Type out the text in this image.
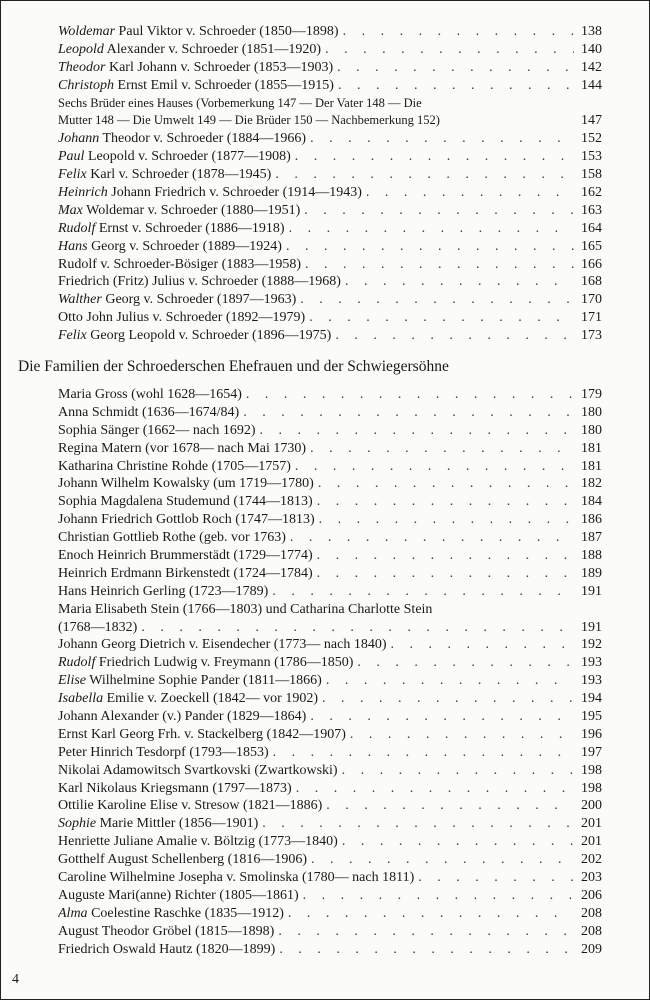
Woldemar Paul Viktor v. Schroeder (1850—1898) . . .	138
Leopold Alexander v. Schroeder (1851—1920) . . .	140
Theodor Karl Johann v. Schroeder (1853—1903) . . .	142
Christoph Ernst Emil v. Schroeder (1855—1915) . . .	144
Sechs Brüder eines Hauses (Vorbemerkung 147 — Der Vater 148 — Die
Mutter 148 — Die Umwelt 149 — Die Brüder 150 — Nachbemerkung 152)	147
Johann Theodor v. Schroeder (1884—1966) . . .	152
Paul Leopold v. Schroeder (1877—1908) . . .	153
Felix Karl v. Schroeder (1878—1945) . . .	158
Heinrich Johann Friedrich v. Schroeder (1914—1943) . . .	162
Max Woldemar v. Schroeder (1880—1951) . . .	163
Rudolf Ernst v. Schroeder (1886—1918) . . .	164
Hans Georg v. Schroeder (1889—1924) . . .	165
Rudolf v. Schroeder-Bösiger (1883—1958) . . .	166
Friedrich (Fritz) Julius v. Schroeder (1888—1968) . . .	168
Walther Georg v. Schroeder (1897—1963) . . .	170
Otto John Julius v. Schroeder (1892—1979) . . .	171
Felix Georg Leopold v. Schroeder (1896—1975) . . .	173
Die Familien der Schroederschen Ehefrauen und der Schwiegersöhne
Maria Gross (wohl 1628—1654) . . .	179
Anna Schmidt (1636—1674/84) . . .	180
Sophia Sänger (1662— nach 1692) . . .	180
Regina Matern (vor 1678— nach Mai 1730) . . .	181
Katharina Christine Rohde (1705—1757) . . .	181
Johann Wilhelm Kowalsky (um 1719—1780) . . .	182
Sophia Magdalena Studemund (1744—1813) . . .	184
Johann Friedrich Gottlob Roch (1747—1813) . . .	186
Christian Gottlieb Rothe (geb. vor 1763) . . .	187
Enoch Heinrich Brummerstädt (1729—1774) . . .	188
Heinrich Erdmann Birkenstedt (1724—1784) . . .	189
Hans Heinrich Gerling (1723—1789) . . .	191
Maria Elisabeth Stein (1766—1803) und Catharina Charlotte Stein
(1768—1832) . . .	191
Johann Georg Dietrich v. Eisendecher (1773— nach 1840) . . .	192
Rudolf Friedrich Ludwig v. Freymann (1786—1850) . . .	193
Elise Wilhelmine Sophie Pander (1811—1866) . . .	193
Isabella Emilie v. Zoeckell (1842— vor 1902) . . .	194
Johann Alexander (v.) Pander (1829—1864) . . .	195
Ernst Karl Georg Frh. v. Stackelberg (1842—1907) . . .	196
Peter Hinrich Tesdorpf (1793—1853) . . .	197
Nikolai Adamowitsch Svartkovski (Zwartkowski) . . .	198
Karl Nikolaus Kriegsmann (1797—1873) . . .	198
Ottilie Karoline Elise v. Stresow (1821—1886) . . .	200
Sophie Marie Mittler (1856—1901) . . .	201
Henriette Juliane Amalie v. Böltzig (1773—1840) . . .	201
Gotthelf August Schellenberg (1816—1906) . . .	202
Caroline Wilhelmine Josepha v. Smolinska (1780— nach 1811) . . .	203
Auguste Mari(anne) Richter (1805—1861) . . .	206
Alma Coelestine Raschke (1835—1912) . . .	208
August Theodor Gröbel (1815—1898) . . .	208
Friedrich Oswald Hautz (1820—1899) . . .	209
4
